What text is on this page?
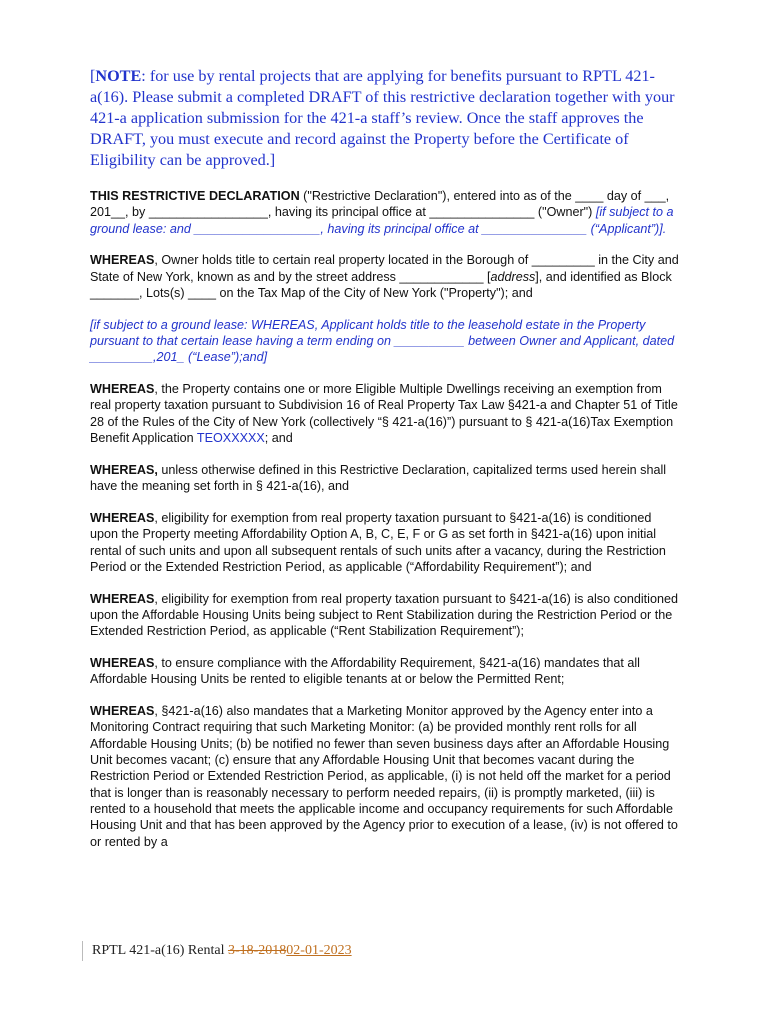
[NOTE: for use by rental projects that are applying for benefits pursuant to RPTL 421-a(16). Please submit a completed DRAFT of this restrictive declaration together with your 421-a application submission for the 421-a staff’s review. Once the staff approves the DRAFT, you must execute and record against the Property before the Certificate of Eligibility can be approved.]

THIS RESTRICTIVE DECLARATION ("Restrictive Declaration"), entered into as of the ____ day of ___, 201__, by _________________, having its principal office at _______________ ("Owner") [if subject to a ground lease: and __________________, having its principal office at _______________ (“Applicant”)].

WHEREAS, Owner holds title to certain real property located in the Borough of _________ in the City and State of New York, known as and by the street address ____________ [address], and identified as Block _______, Lots(s) ____ on the Tax Map of the City of New York ("Property"); and

[if subject to a ground lease: WHEREAS, Applicant holds title to the leasehold estate in the Property pursuant to that certain lease having a term ending on __________ between Owner and Applicant, dated _________,201_ (“Lease”);and]

WHEREAS, the Property contains one or more Eligible Multiple Dwellings receiving an exemption from real property taxation pursuant to Subdivision 16 of Real Property Tax Law §421-a and Chapter 51 of Title 28 of the Rules of the City of New York (collectively “§ 421-a(16)”) pursuant to § 421-a(16)Tax Exemption Benefit Application TEOXXXXX; and

WHEREAS, unless otherwise defined in this Restrictive Declaration, capitalized terms used herein shall have the meaning set forth in § 421-a(16), and

WHEREAS, eligibility for exemption from real property taxation pursuant to §421-a(16) is conditioned upon the Property meeting Affordability Option A, B, C, E, F or G as set forth in §421-a(16) upon initial rental of such units and upon all subsequent rentals of such units after a vacancy, during the Restriction Period or the Extended Restriction Period, as applicable (“Affordability Requirement”); and

WHEREAS, eligibility for exemption from real property taxation pursuant to §421-a(16) is also conditioned upon the Affordable Housing Units being subject to Rent Stabilization during the Restriction Period or the Extended Restriction Period, as applicable (“Rent Stabilization Requirement”);

WHEREAS, to ensure compliance with the Affordability Requirement, §421-a(16) mandates that all Affordable Housing Units be rented to eligible tenants at or below the Permitted Rent;

WHEREAS, §421-a(16) also mandates that a Marketing Monitor approved by the Agency enter into a Monitoring Contract requiring that such Marketing Monitor: (a) be provided monthly rent rolls for all Affordable Housing Units; (b) be notified no fewer than seven business days after an Affordable Housing Unit becomes vacant; (c) ensure that any Affordable Housing Unit that becomes vacant during the Restriction Period or Extended Restriction Period, as applicable, (i) is not held off the market for a period that is longer than is reasonably necessary to perform needed repairs, (ii) is promptly marketed, (iii) is rented to a household that meets the applicable income and occupancy requirements for such Affordable Housing Unit and that has been approved by the Agency prior to execution of a lease, (iv) is not offered to or rented by a

RPTL 421-a(16) Rental 3-18-201802-01-2023
